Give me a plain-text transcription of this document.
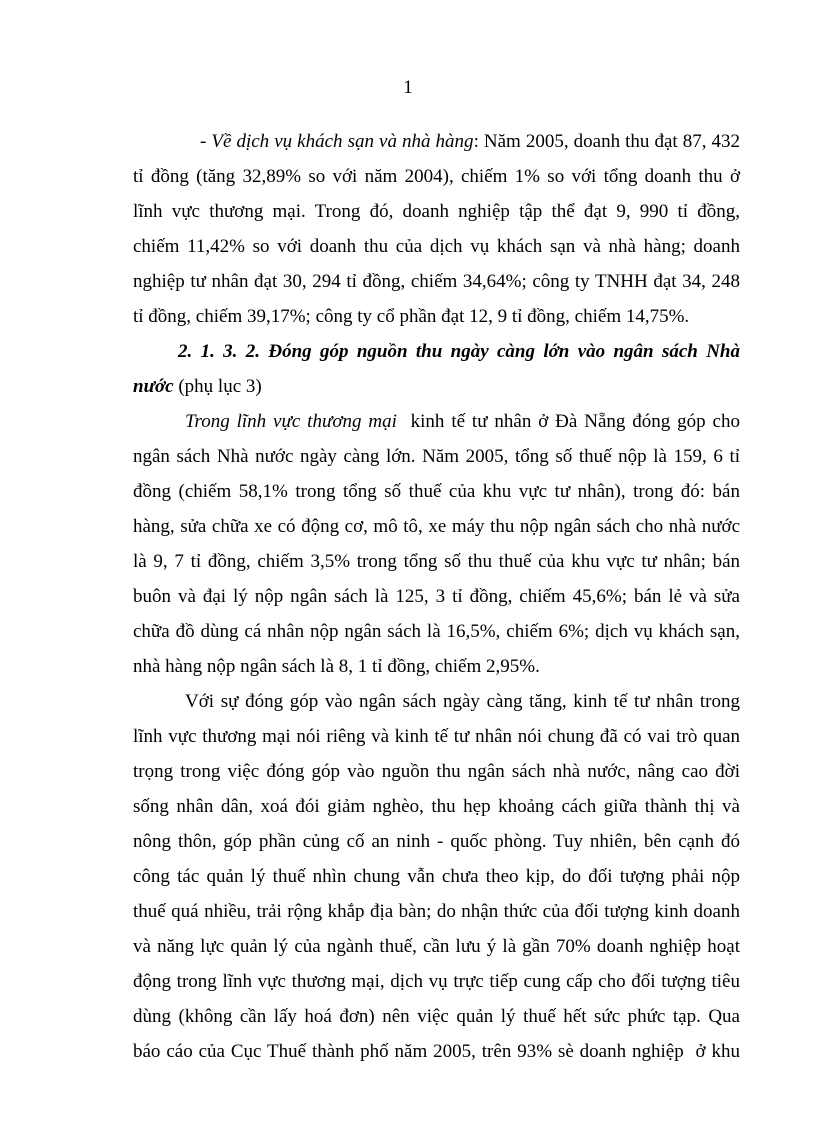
1
- Về dịch vụ khách sạn và nhà hàng: Năm 2005, doanh thu đạt 87, 432
tỉ đồng (tăng 32,89% so với năm 2004), chiếm 1% so với tổng doanh thu ở
lĩnh vực thương mại. Trong đó, doanh nghiệp tập thể đạt 9, 990 tỉ đồng,
chiếm 11,42% so với doanh thu của dịch vụ khách sạn và nhà hàng; doanh
nghiệp tư nhân đạt 30, 294 tỉ đồng, chiếm 34,64%; công ty TNHH đạt 34, 248
tỉ đồng, chiếm 39,17%; công ty cổ phần đạt 12, 9 tỉ đồng, chiếm 14,75%.
2. 1. 3. 2. Đóng góp nguồn thu ngày càng lớn vào ngân sách Nhà
nước (phụ lục 3)
Trong lĩnh vực thương mại  kinh tế tư nhân ở Đà Nẵng đóng góp cho
ngân sách Nhà nước ngày càng lớn. Năm 2005, tổng số thuế nộp là 159, 6 tỉ
đồng (chiếm 58,1% trong tổng số thuế của khu vực tư nhân), trong đó: bán
hàng, sửa chữa xe có động cơ, mô tô, xe máy thu nộp ngân sách cho nhà nước
là 9, 7 tỉ đồng, chiếm 3,5% trong tổng số thu thuế của khu vực tư nhân; bán
buôn và đại lý nộp ngân sách là 125, 3 tỉ đồng, chiếm 45,6%; bán lẻ và sửa
chữa đồ dùng cá nhân nộp ngân sách là 16,5%, chiếm 6%; dịch vụ khách sạn,
nhà hàng nộp ngân sách là 8, 1 tỉ đồng, chiếm 2,95%.
Với sự đóng góp vào ngân sách ngày càng tăng, kinh tế tư nhân trong
lĩnh vực thương mại nói riêng và kinh tế tư nhân nói chung đã có vai trò quan
trọng trong việc đóng góp vào nguồn thu ngân sách nhà nước, nâng cao đời
sống nhân dân, xoá đói giảm nghèo, thu hẹp khoảng cách giữa thành thị và
nông thôn, góp phần củng cố an ninh - quốc phòng. Tuy nhiên, bên cạnh đó
công tác quản lý thuế nhìn chung vẫn chưa theo kịp, do đối tượng phải nộp
thuế quá nhiều, trải rộng khắp địa bàn; do nhận thức của đối tượng kinh doanh
và năng lực quản lý của ngành thuế, cần lưu ý là gần 70% doanh nghiệp hoạt
động trong lĩnh vực thương mại, dịch vụ trực tiếp cung cấp cho đối tượng tiêu
dùng (không cần lấy hoá đơn) nên việc quản lý thuế hết sức phức tạp. Qua
báo cáo của Cục Thuế thành phố năm 2005, trên 93% sè doanh nghiệp  ở khu
